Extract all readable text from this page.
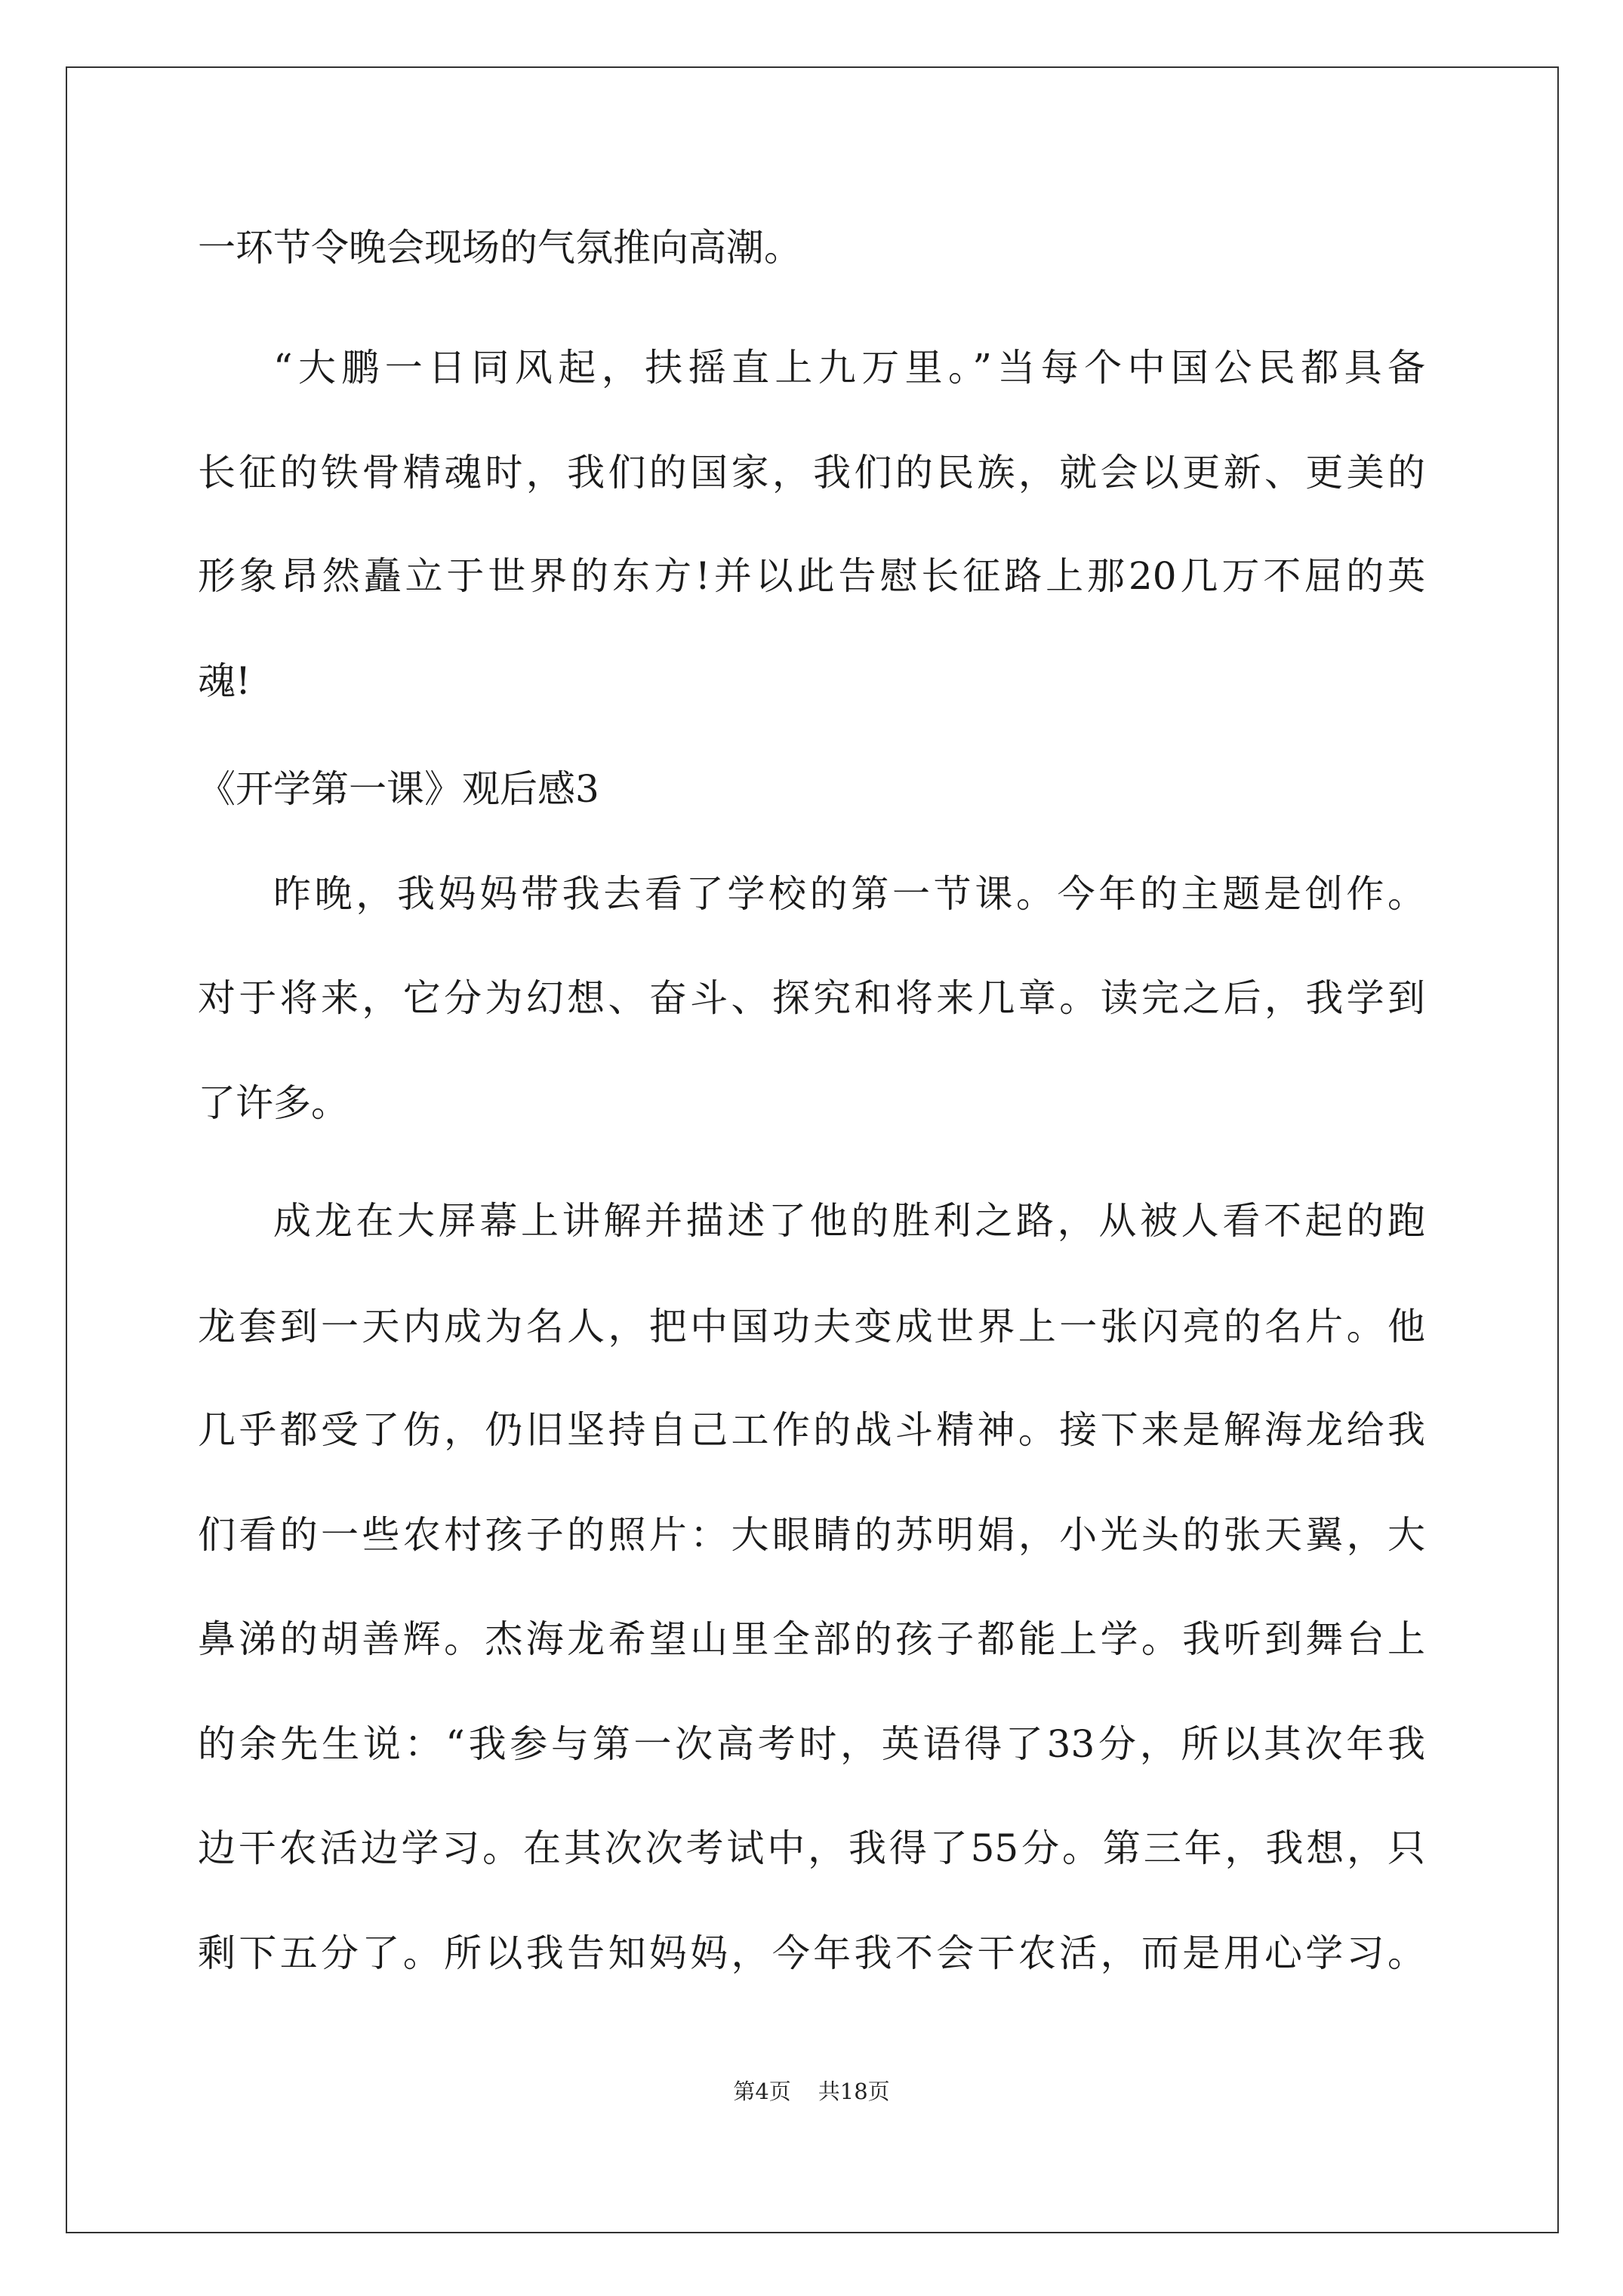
一环节令晚会现场的气氛推向高潮。
“大鹏一日同风起，扶摇直上九万里。”当每个中国公民都具备
长征的铁骨精魂时，我们的国家，我们的民族，就会以更新、更美的
形象昂然矗立于世界的东方!并以此告慰长征路上那20几万不屈的英
魂!
《开学第一课》观后感3
昨晚，我妈妈带我去看了学校的第一节课。今年的主题是创作。
对于将来，它分为幻想、奋斗、探究和将来几章。读完之后，我学到
了许多。
成龙在大屏幕上讲解并描述了他的胜利之路，从被人看不起的跑
龙套到一天内成为名人，把中国功夫变成世界上一张闪亮的名片。他
几乎都受了伤，仍旧坚持自己工作的战斗精神。接下来是解海龙给我
们看的一些农村孩子的照片：大眼睛的苏明娟，小光头的张天翼，大
鼻涕的胡善辉。杰海龙希望山里全部的孩子都能上学。我听到舞台上
的余先生说：“我参与第一次高考时，英语得了33分，所以其次年我
边干农活边学习。在其次次考试中，我得了55分。第三年，我想，只
剩下五分了。所以我告知妈妈，今年我不会干农活，而是用心学习。
第4页 共18页
